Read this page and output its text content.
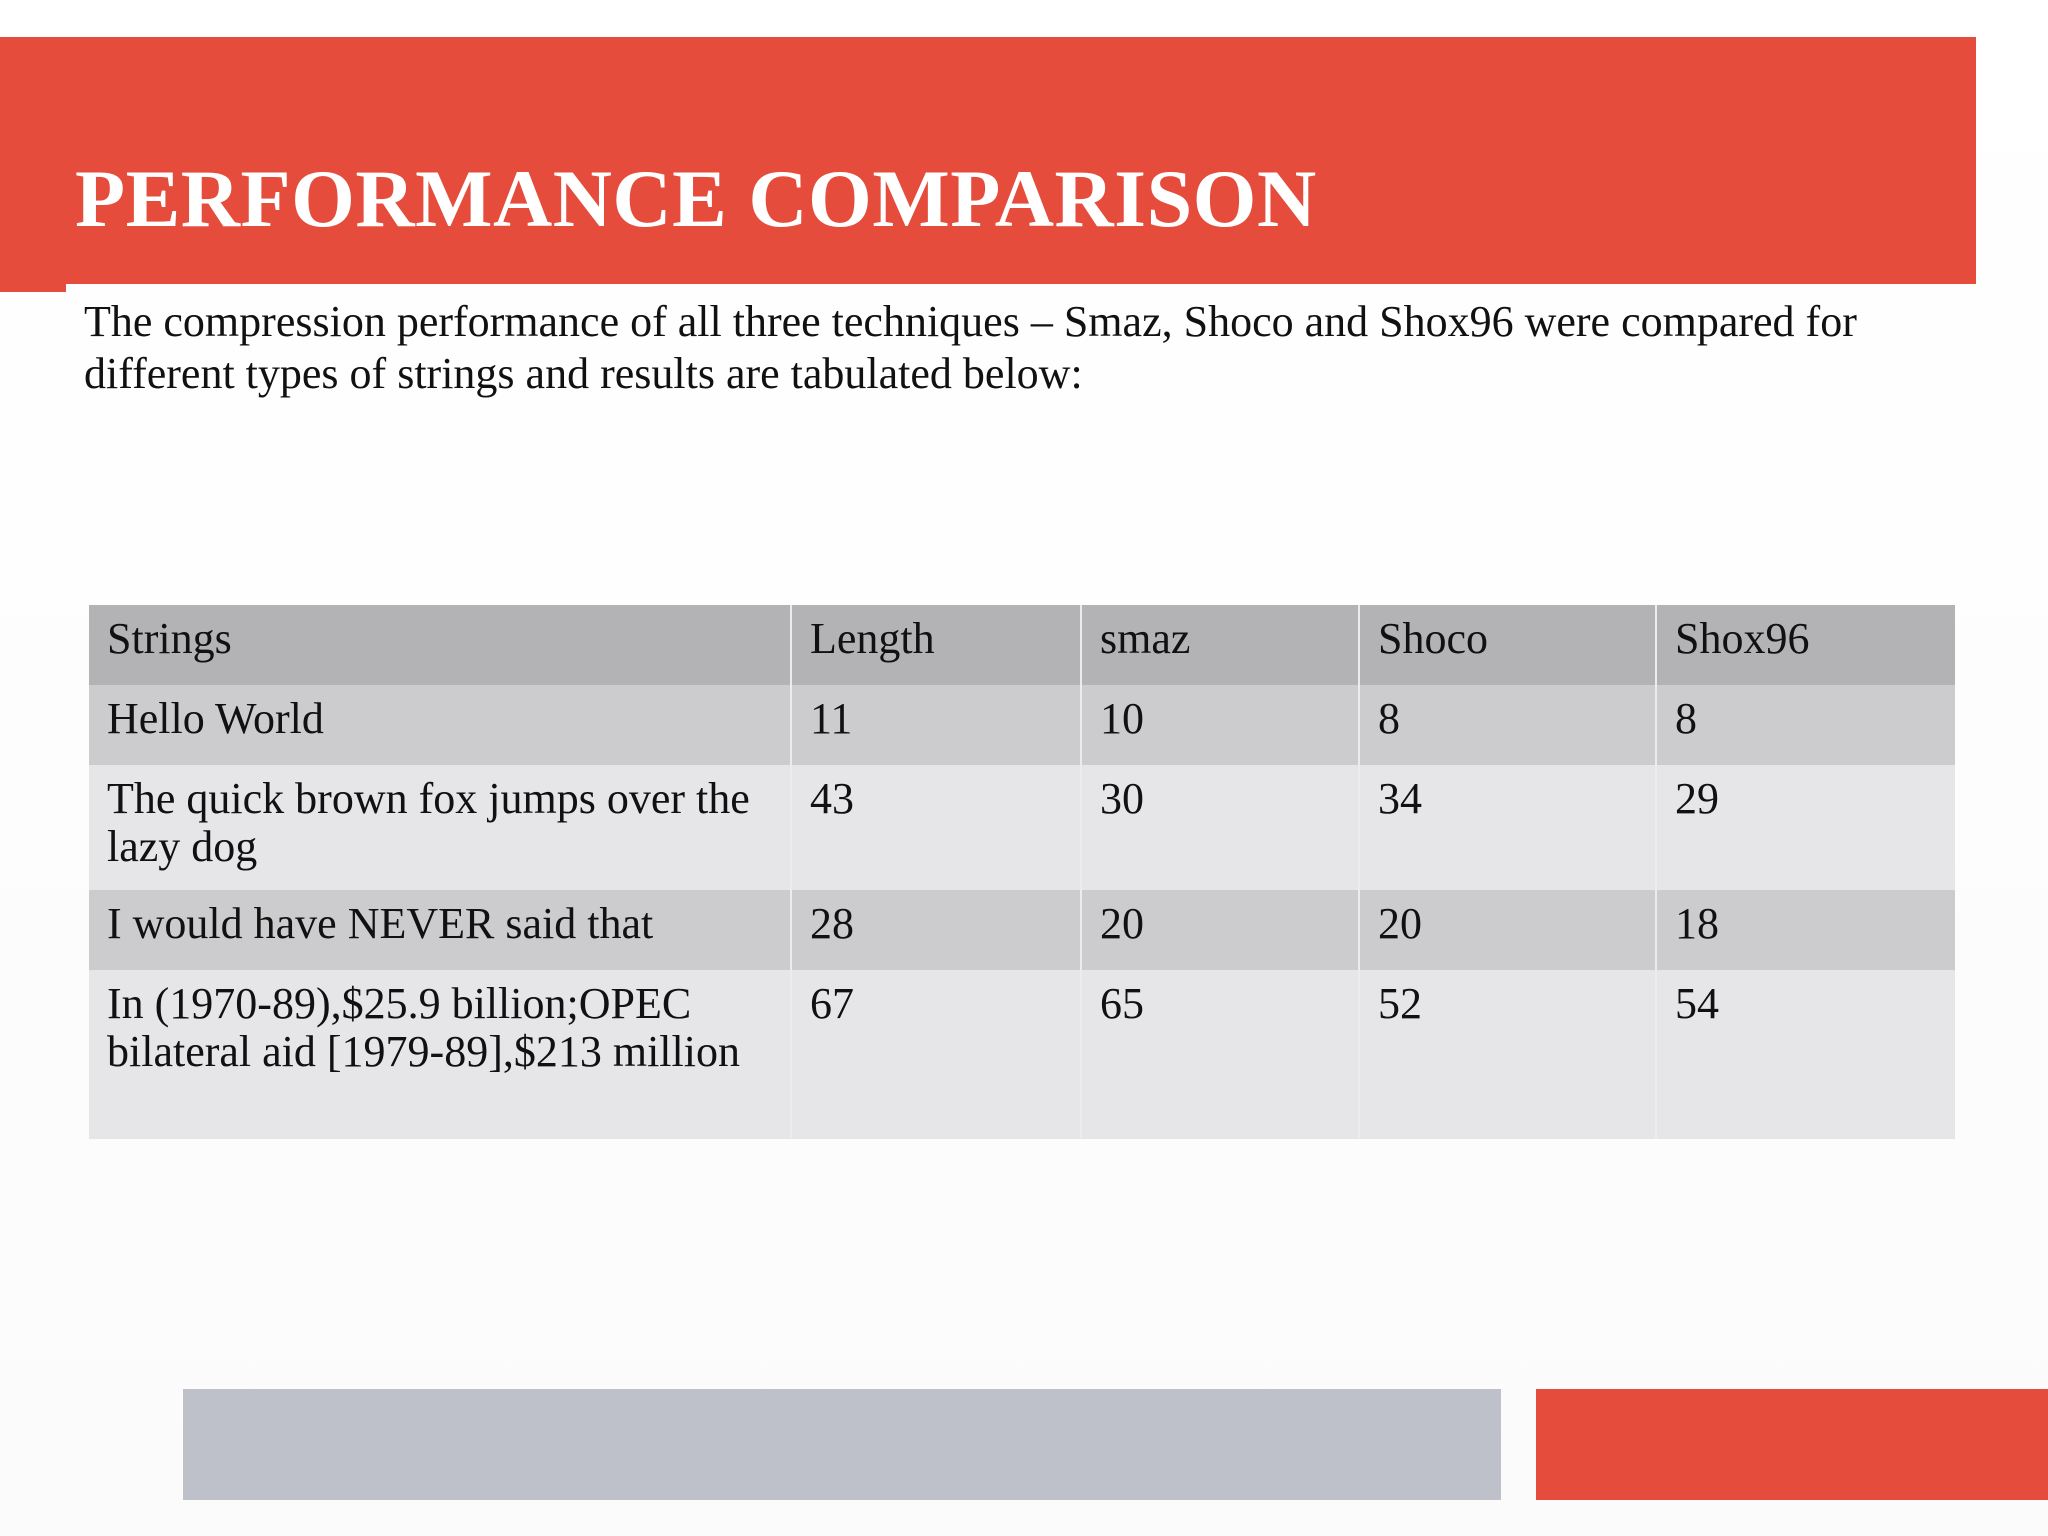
PERFORMANCE COMPARISON

The compression performance of all three techniques – Smaz, Shoco and Shox96 were compared for different types of strings and results are tabulated below:

Strings	Length	smaz	Shoco	Shox96
Hello World	11	10	8	8
The quick brown fox jumps over the lazy dog	43	30	34	29
I would have NEVER said that	28	20	20	18
In (1970-89),$25.9 billion;OPEC bilateral aid [1979-89],$213 million	67	65	52	54
